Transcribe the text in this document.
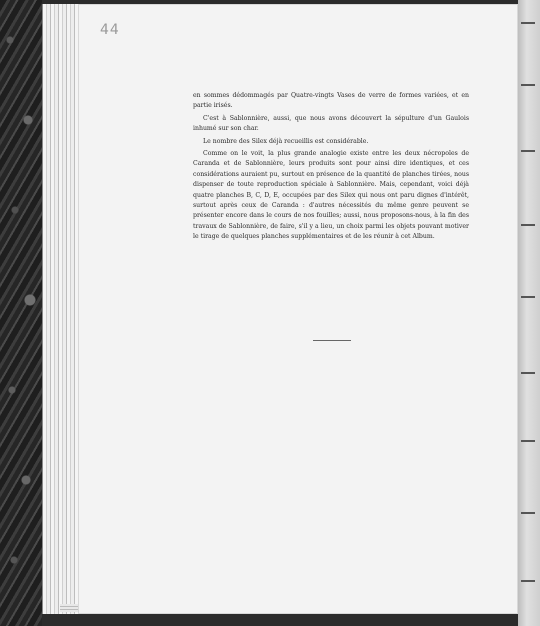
44

en sommes dédommagés par Quatre-vingts Vases de verre de formes variées, et en partie irisés.

C'est à Sablonnière, aussi, que nous avons découvert la sépulture d'un Gaulois inhumé sur son char.

Le nombre des Silex déjà recueillis est considérable.

Comme on le voit, la plus grande analogie existe entre les deux nécropoles de Caranda et de Sablonnière, leurs produits sont pour ainsi dire identiques, et ces considérations auraient pu, surtout en présence de la quantité de planches tirées, nous dispenser de toute reproduction spéciale à Sablonnière. Mais, cependant, voici déjà quatre planches B, C, D, E, occupées par des Silex qui nous ont paru dignes d'intérêt, surtout après ceux de Caranda : d'autres nécessités du même genre peuvent se présenter encore dans le cours de nos fouilles; aussi, nous proposons-nous, à la fin des travaux de Sablonnière, de faire, s'il y a lieu, un choix parmi les objets pouvant motiver le tirage de quelques planches supplémentaires et de les réunir à cet Album.
